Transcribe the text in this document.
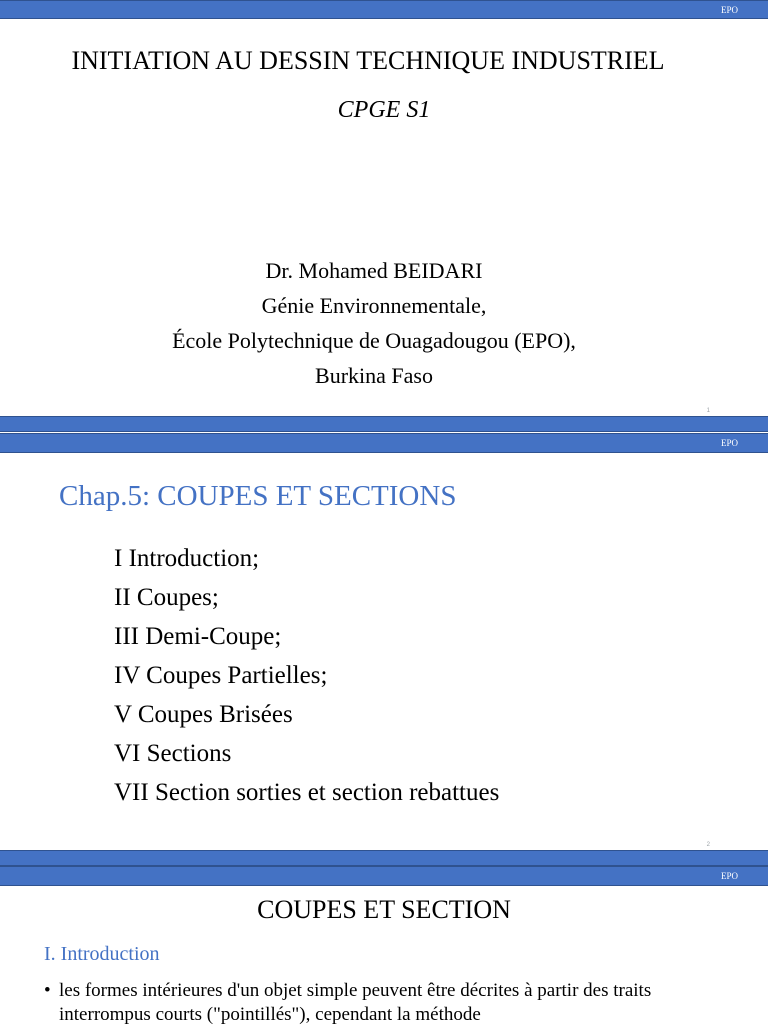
EPO
INITIATION AU DESSIN TECHNIQUE INDUSTRIEL
CPGE S1
Dr. Mohamed BEIDARI
Génie Environnementale,
École Polytechnique de Ouagadougou (EPO),
Burkina Faso
1
EPO
Chap.5: COUPES ET SECTIONS
I Introduction;
II Coupes;
III Demi-Coupe;
IV Coupes Partielles;
V Coupes Brisées
VI Sections
VII Section sorties et section rebattues
2
EPO
COUPES ET SECTION
I. Introduction
• les formes intérieures d'un objet simple peuvent être décrites à partir des traits interrompus courts ("pointillés"), cependant la méthode
